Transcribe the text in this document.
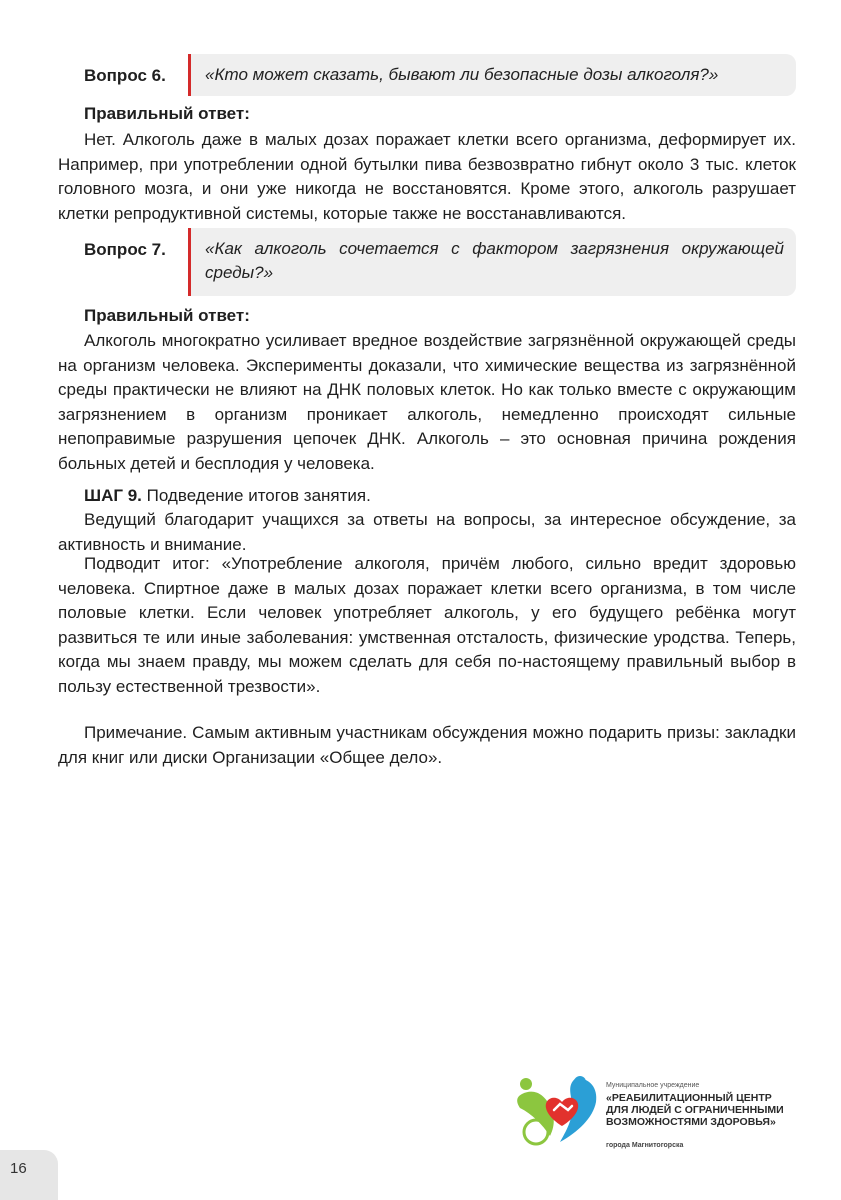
Вопрос 6.	«Кто может сказать, бывают ли безопасные дозы алкоголя?»
Правильный ответ:

Нет. Алкоголь даже в малых дозах поражает клетки всего организма, деформирует их. Например, при употреблении одной бутылки пива безвозвратно гибнут около 3 тыс. клеток головного мозга, и они уже никогда не восстановятся. Кроме этого, алкоголь разрушает клетки репродуктивной системы, которые также не восстанавливаются.

Вопрос 7.	«Как алкоголь сочетается с фактором загрязнения окружающей среды?»
Правильный ответ:

Алкоголь многократно усиливает вредное воздействие загрязнённой окружающей среды на организм человека. Эксперименты доказали, что химические вещества из загрязнённой среды практически не влияют на ДНК половых клеток. Но как только вместе с окружающим загрязнением в организм проникает алкоголь, немедленно происходят сильные непоправимые разрушения цепочек ДНК. Алкоголь – это основная причина рождения больных детей и бесплодия у человека.

ШАГ 9. Подведение итогов занятия.

Ведущий благодарит учащихся за ответы на вопросы, за интересное обсуждение, за активность и внимание.

Подводит итог: «Употребление алкоголя, причём любого, сильно вредит здоровью человека. Спиртное даже в малых дозах поражает клетки всего организма, в том числе половые клетки. Если человек употребляет алкоголь, у его будущего ребёнка могут развиться те или иные заболевания: умственная отсталость, физические уродства. Теперь, когда мы знаем правду, мы можем сделать для себя по-настоящему правильный выбор в пользу естественной трезвости».

Примечание. Самым активным участникам обсуждения можно подарить призы: закладки для книг или диски Организации «Общее дело».

Муниципальное учреждение
«РЕАБИЛИТАЦИОННЫЙ ЦЕНТР
ДЛЯ ЛЮДЕЙ С ОГРАНИЧЕННЫМИ
ВОЗМОЖНОСТЯМИ ЗДОРОВЬЯ»
города Магнитогорска
16
